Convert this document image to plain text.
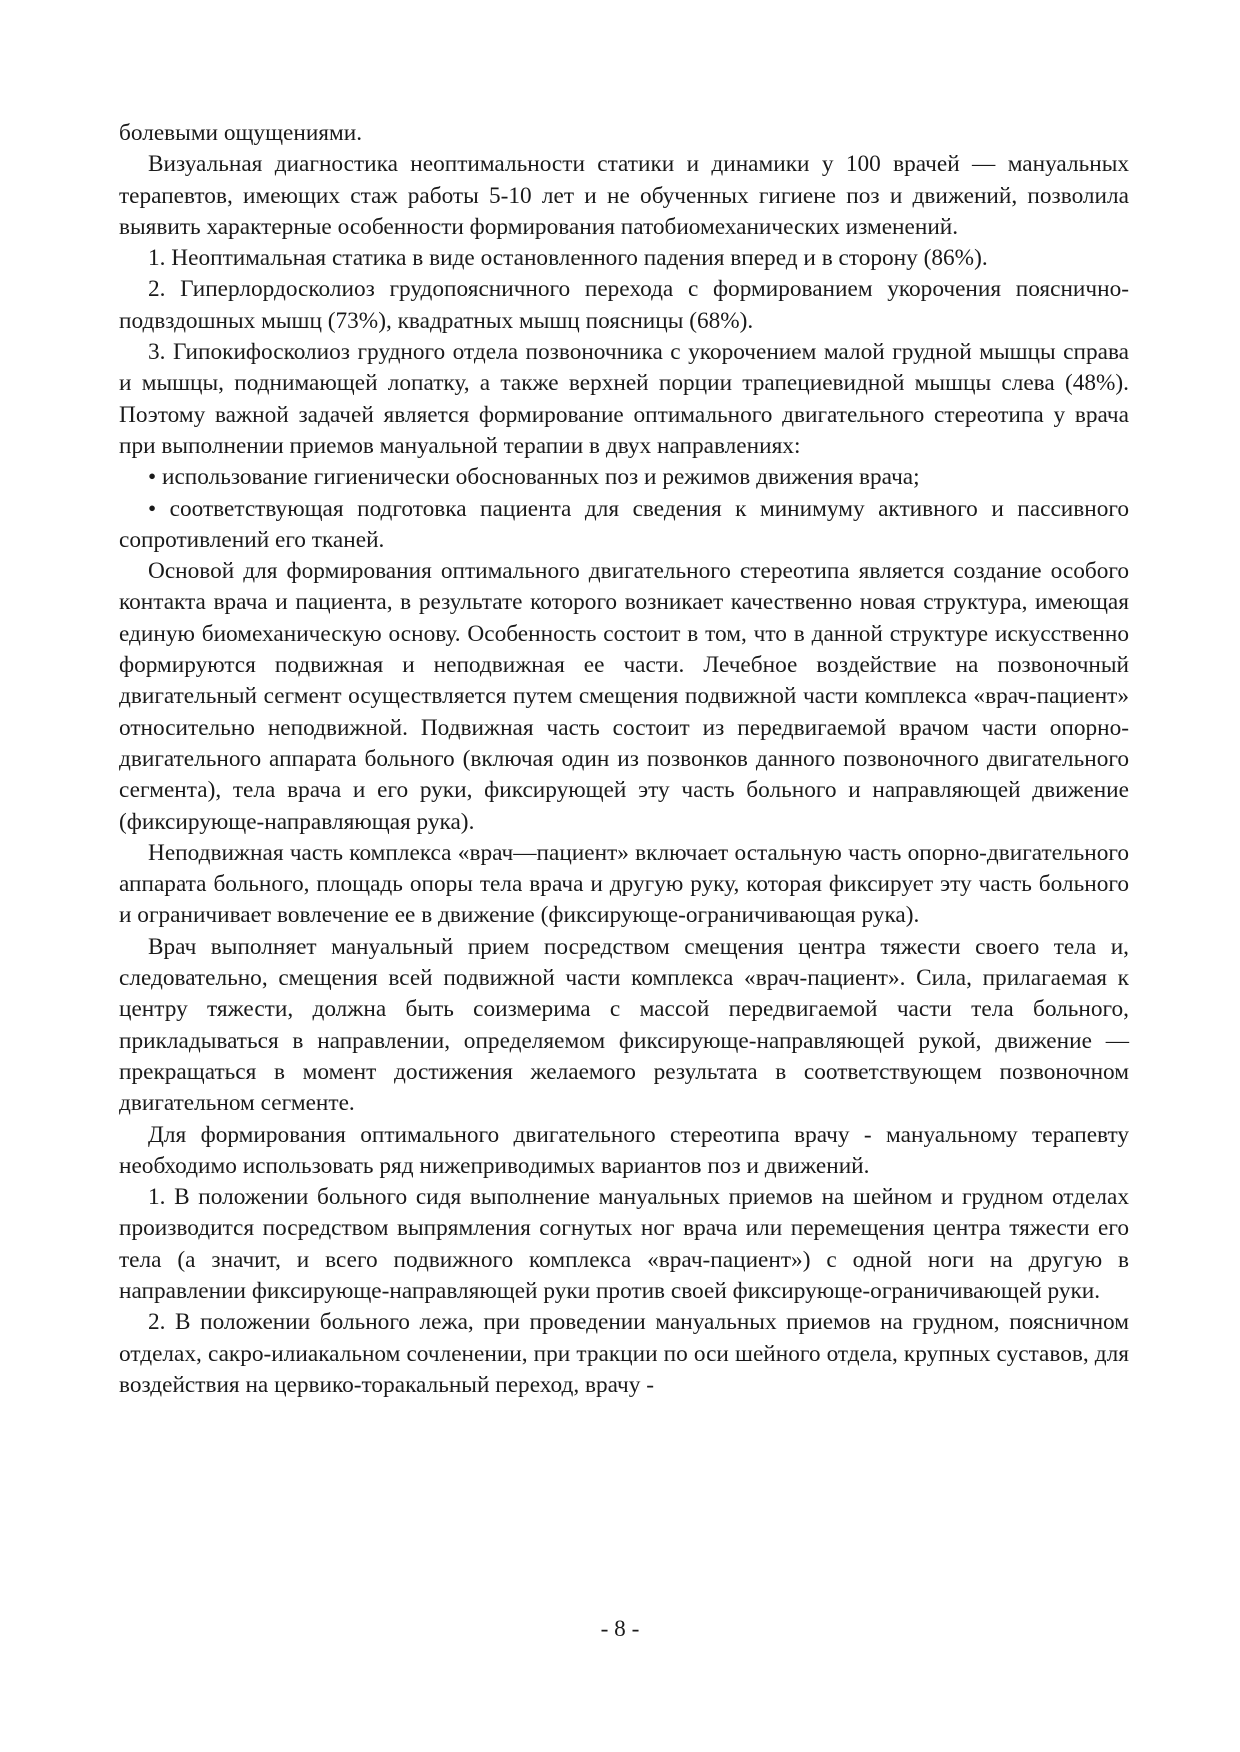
болевыми ощущениями.

Визуальная диагностика неоптимальности статики и динамики у 100 врачей — мануальных терапевтов, имеющих стаж работы 5-10 лет и не обученных гигиене поз и движений, позволила выявить характерные особенности формирования патобиомеханических изменений.

1. Неоптимальная статика в виде остановленного падения вперед и в сторону (86%).

2. Гиперлордосколиоз грудопоясничного перехода с формированием укорочения пояснично-подвздошных мышц (73%), квадратных мышц поясницы (68%).

3. Гипокифосколиоз грудного отдела позвоночника с укорочением малой грудной мышцы справа и мышцы, поднимающей лопатку, а также верхней порции трапециевидной мышцы слева (48%). Поэтому важной задачей является формирование оптимального двигательного стереотипа у врача при выполнении приемов мануальной терапии в двух направлениях:

• использование гигиенически обоснованных поз и режимов движения врача;

• соответствующая подготовка пациента для сведения к минимуму активного и пассивного сопротивлений его тканей.

Основой для формирования оптимального двигательного стереотипа является создание особого контакта врача и пациента, в результате которого возникает качественно новая структура, имеющая единую биомеханическую основу. Особенность состоит в том, что в данной структуре искусственно формируются подвижная и неподвижная ее части. Лечебное воздействие на позвоночный двигательный сегмент осуществляется путем смещения подвижной части комплекса «врач-пациент» относительно неподвижной. Подвижная часть состоит из передвигаемой врачом части опорно-двигательного аппарата больного (включая один из позвонков данного позвоночного двигательного сегмента), тела врача и его руки, фиксирующей эту часть больного и направляющей движение (фиксирующе-направляющая рука).

Неподвижная часть комплекса «врач—пациент» включает остальную часть опорно-двигательного аппарата больного, площадь опоры тела врача и другую руку, которая фиксирует эту часть больного и ограничивает вовлечение ее в движение (фиксирующе-ограничивающая рука).

Врач выполняет мануальный прием посредством смещения центра тяжести своего тела и, следовательно, смещения всей подвижной части комплекса «врач-пациент». Сила, прилагаемая к центру тяжести, должна быть соизмерима с массой передвигаемой части тела больного, прикладываться в направлении, определяемом фиксирующе-направляющей рукой, движение — прекращаться в момент достижения желаемого результата в соответствующем позвоночном двигательном сегменте.

Для формирования оптимального двигательного стереотипа врачу - мануальному терапевту необходимо использовать ряд нижеприводимых вариантов поз и движений.

1. В положении больного сидя выполнение мануальных приемов на шейном и грудном отделах производится посредством выпрямления согнутых ног врача или перемещения центра тяжести его тела (а значит, и всего подвижного комплекса «врач-пациент») с одной ноги на другую в направлении фиксирующе-направляющей руки против своей фиксирующе-ограничивающей руки.

2. В положении больного лежа, при проведении мануальных приемов на грудном, поясничном отделах, сакро-илиакальном сочленении, при тракции по оси шейного отдела, крупных суставов, для воздействия на цервико-торакальный переход, врачу -

- 8 -
